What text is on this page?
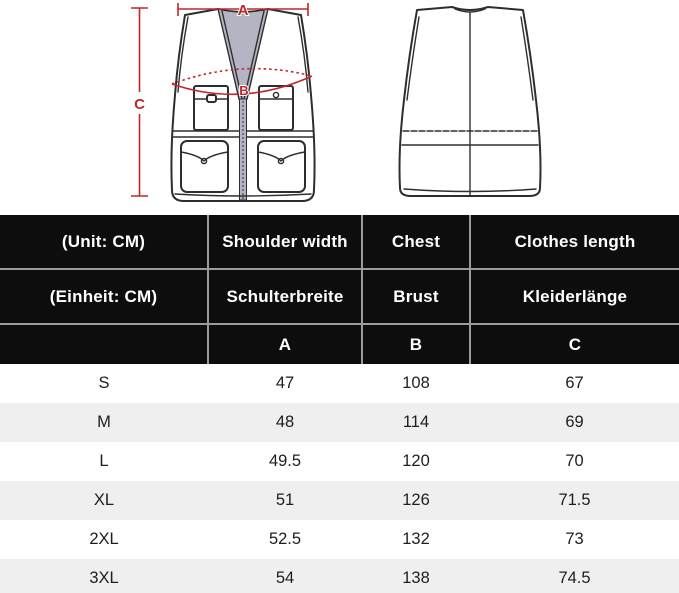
A
C
B
(Unit: CM)	Shoulder width	Chest	Clothes length
(Einheit: CM)	Schulterbreite	Brust	Kleiderlänge
	A	B	C
S	47	108	67
M	48	114	69
L	49.5	120	70
XL	51	126	71.5
2XL	52.5	132	73
3XL	54	138	74.5
